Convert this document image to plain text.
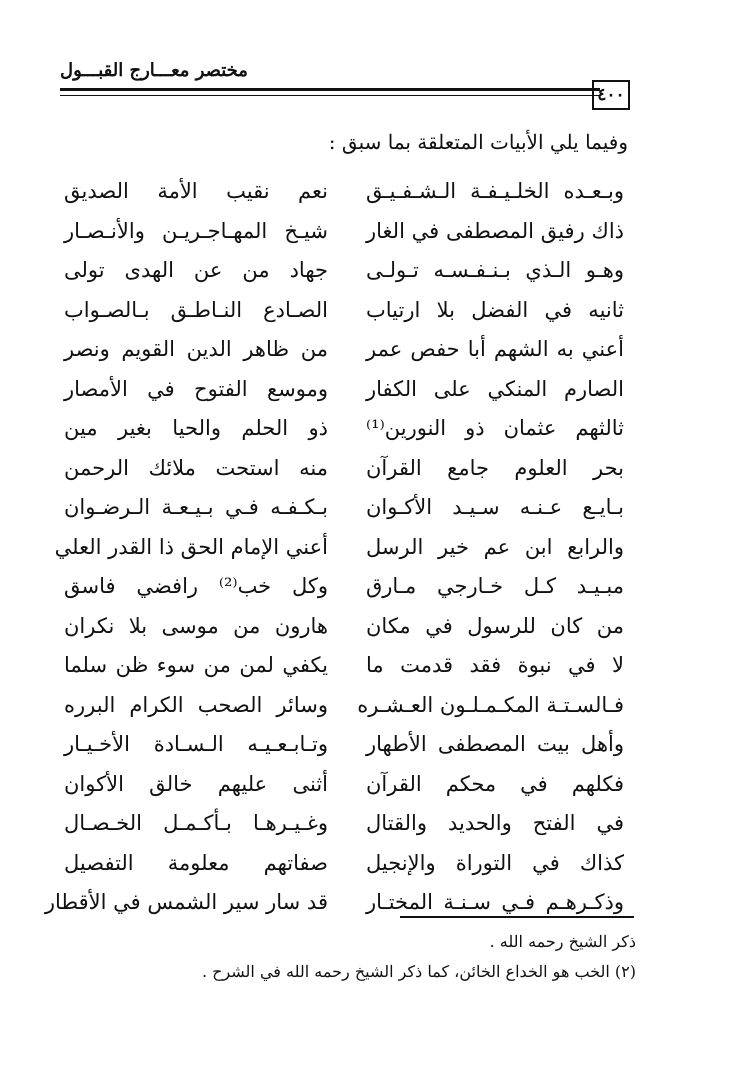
مختصر معـــارج القبـــول
٤٠٠
وفيما يلي الأبيات المتعلقة بما سبق :
وبـعـده الخلـيـفـة الـشـفـيـق
ذاك رفيق المصطفى في الغار
وهـو الـذي بـنـفـسـه تـولـى
ثانيه في الفضل بلا ارتياب
أعني به الشهم أبا حفص عمر
الصارم المنكي على الكفار
ثالثهم عثمان ذو النورين⁽¹⁾
بحر العلوم جامع القرآن
بـايـع عـنـه سـيـد الأكـوان
والرابع ابن عم خير الرسل
مبـيـد كـل خـارجي مـارق
من كان للرسول في مكان
لا في نبوة فقد قدمت ما
فـالسـتـة المكـمـلـون العـشـره
وأهل بيت المصطفى الأطهار
فكلهم في محكم القرآن
في الفتح والحديد والقتال
كذاك في التوراة والإنجيل
وذكـرهـم فـي سـنـة المختـار
نعم نقيب الأمة الصديق
شيـخ المهـاجـريـن والأنـصـار
جهاد من عن الهدى تولى
الصـادع النـاطـق بـالصـواب
من ظاهر الدين القويم ونصر
وموسع الفتوح في الأمصار
ذو الحلم والحيا بغير مين
منه استحت ملائك الرحمن
بـكـفـه فـي بـيـعـة الـرضـوان
أعني الإمام الحق ذا القدر العلي
وكل خب⁽²⁾ رافضي فاسق
هارون من موسى بلا نكران
يكفي لمن من سوء ظن سلما
وسائر الصحب الكرام البرره
وتـابـعـيـه الـسـادة الأخـيـار
أثنى عليهم خالق الأكوان
وغـيـرهـا بـأكـمـل الخـصـال
صفاتهم معلومة التفصيل
قد سار سير الشمس في الأقطار
ذكر الشيخ رحمه الله .
(٢) الخب هو الخداع الخائن، كما ذكر الشيخ رحمه الله في الشرح .
